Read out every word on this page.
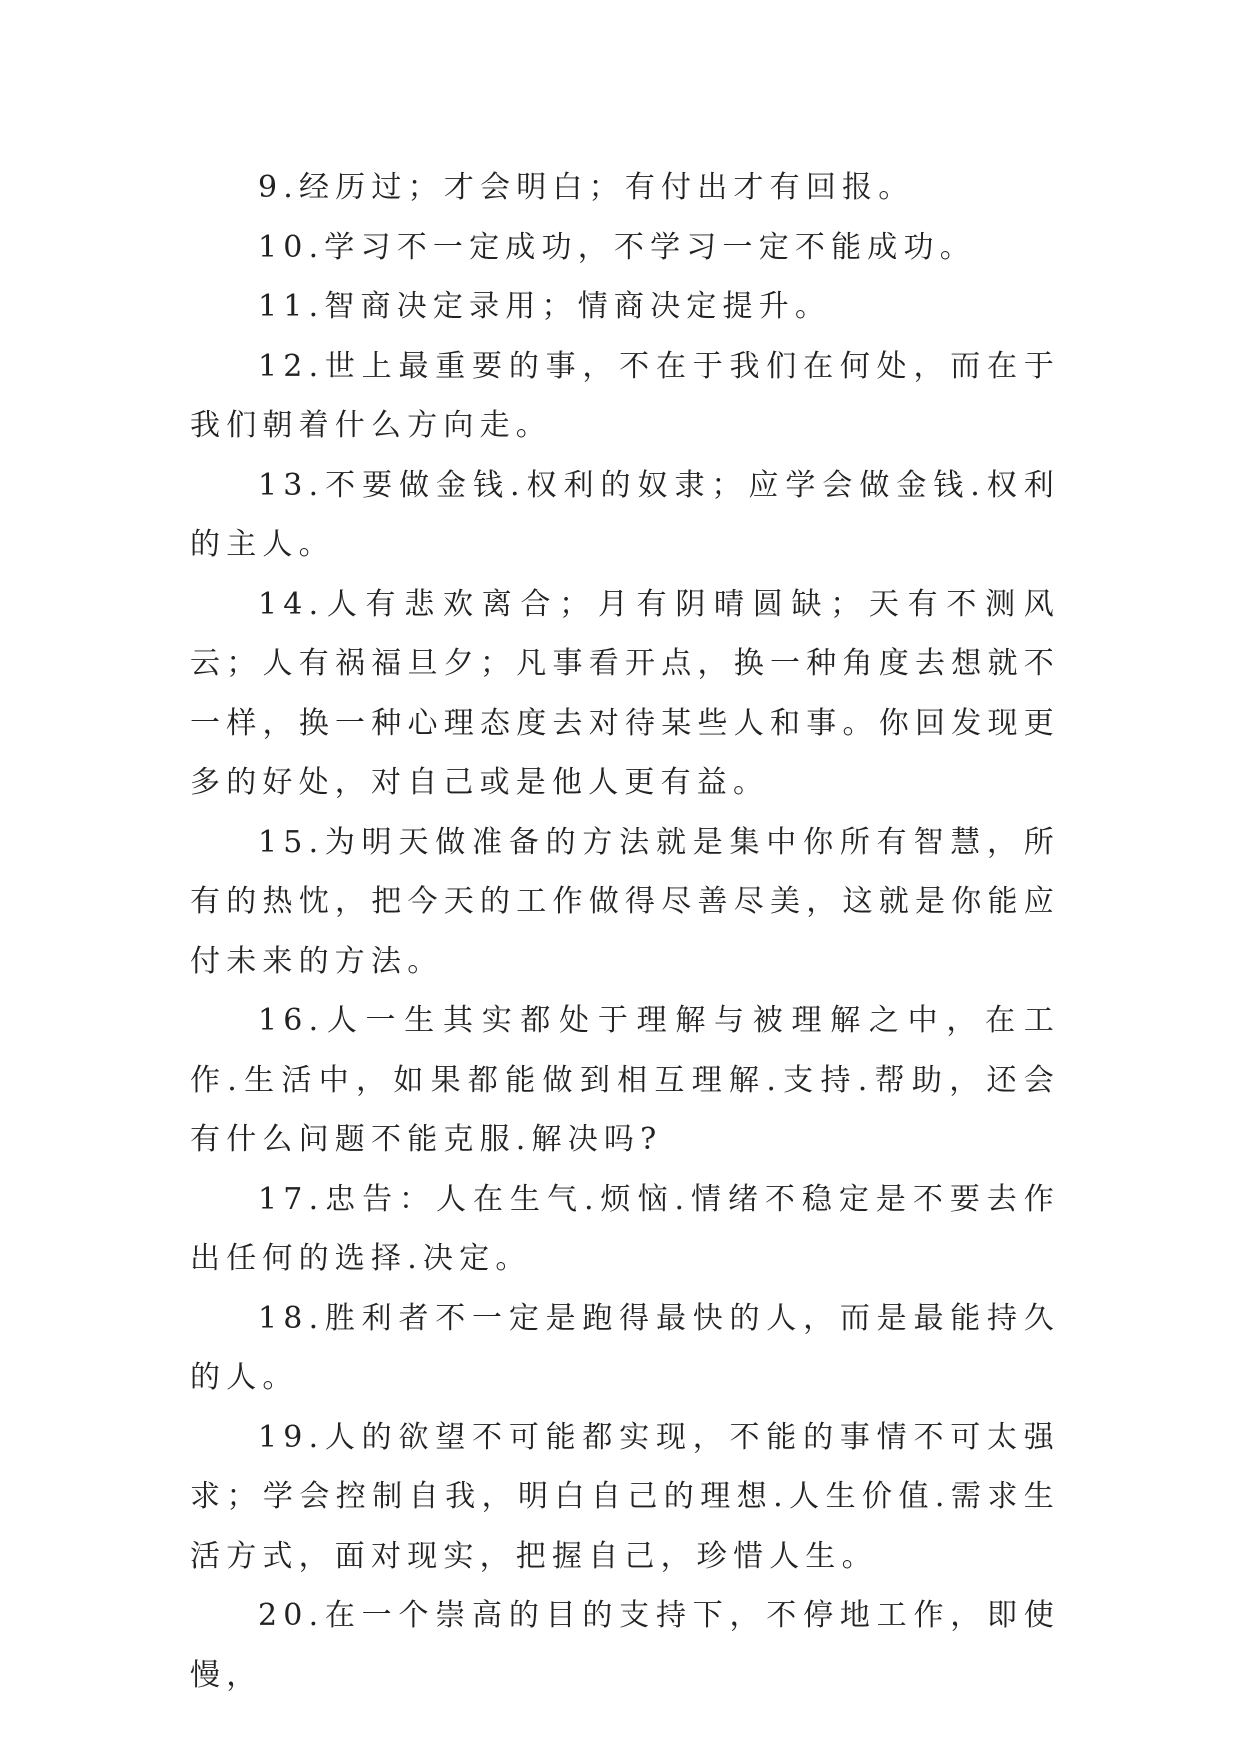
9.经历过；才会明白；有付出才有回报。

10.学习不一定成功，不学习一定不能成功。

11.智商决定录用；情商决定提升。

12.世上最重要的事，不在于我们在何处，而在于我们朝着什么方向走。

13.不要做金钱.权利的奴隶；应学会做金钱.权利的主人。

14.人有悲欢离合；月有阴晴圆缺；天有不测风云；人有祸福旦夕；凡事看开点，换一种角度去想就不一样，换一种心理态度去对待某些人和事。你回发现更多的好处，对自己或是他人更有益。

15.为明天做准备的方法就是集中你所有智慧，所有的热忱，把今天的工作做得尽善尽美，这就是你能应付未来的方法。

16.人一生其实都处于理解与被理解之中，在工作.生活中，如果都能做到相互理解.支持.帮助，还会有什么问题不能克服.解决吗?

17.忠告：人在生气.烦恼.情绪不稳定是不要去作出任何的选择.决定。

18.胜利者不一定是跑得最快的人，而是最能持久的人。

19.人的欲望不可能都实现，不能的事情不可太强求；学会控制自我，明白自己的理想.人生价值.需求生活方式，面对现实，把握自己，珍惜人生。

20.在一个崇高的目的支持下，不停地工作，即使慢，
